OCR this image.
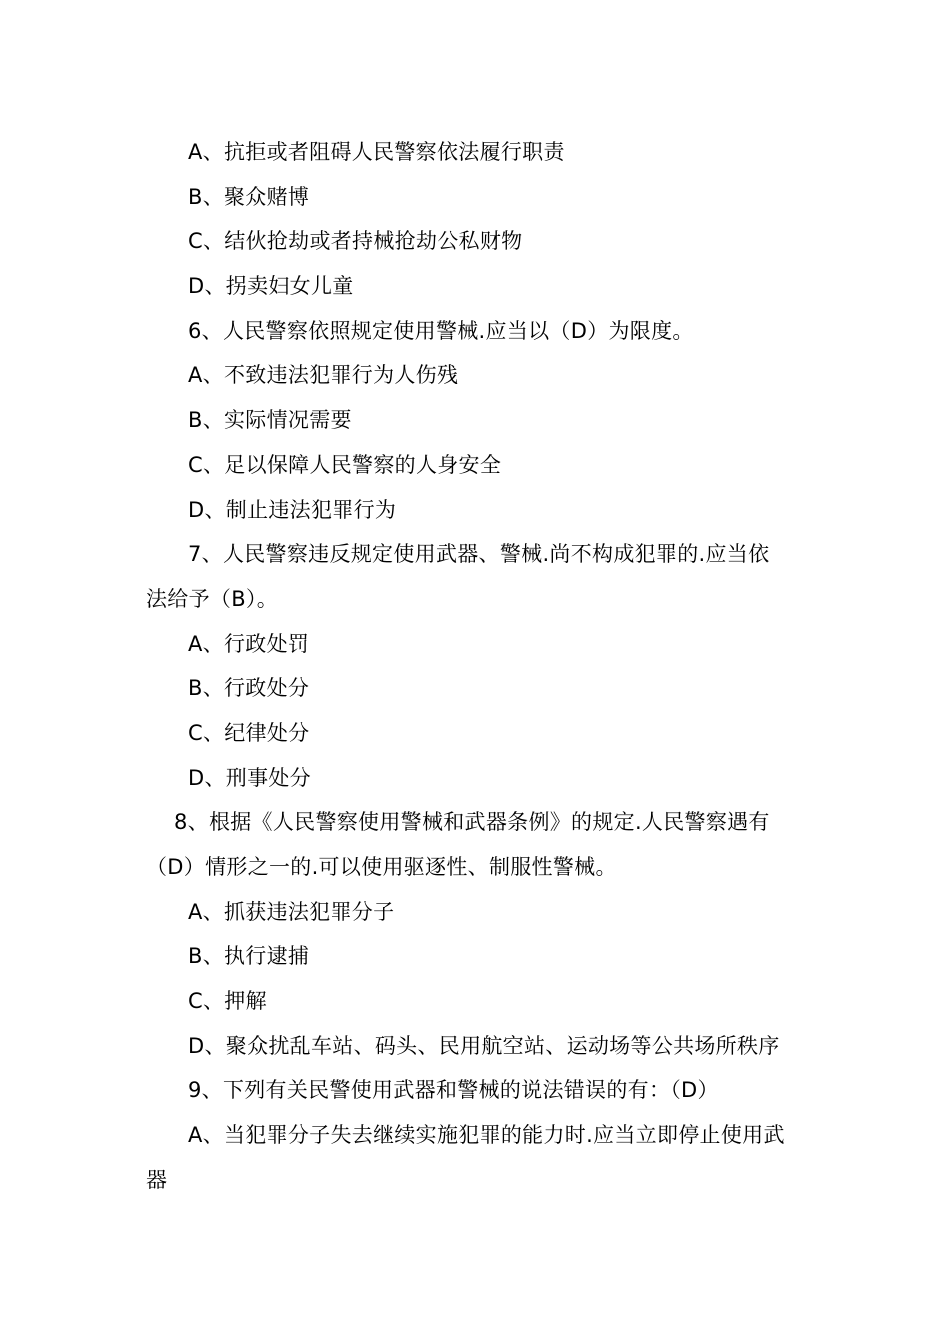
A、抗拒或者阻碍人民警察依法履行职责
B、聚众赌博
C、结伙抢劫或者持械抢劫公私财物
D、拐卖妇女儿童
6、人民警察依照规定使用警械.应当以（D）为限度。
A、不致违法犯罪行为人伤残
B、实际情况需要
C、足以保障人民警察的人身安全
D、制止违法犯罪行为
7、人民警察违反规定使用武器、警械.尚不构成犯罪的.应当依
法给予（B）。
A、行政处罚
B、行政处分
C、纪律处分
D、刑事处分
8、根据《人民警察使用警械和武器条例》的规定.人民警察遇有
（D）情形之一的.可以使用驱逐性、制服性警械。
A、抓获违法犯罪分子
B、执行逮捕
C、押解
D、聚众扰乱车站、码头、民用航空站、运动场等公共场所秩序
9、下列有关民警使用武器和警械的说法错误的有：（D）
A、当犯罪分子失去继续实施犯罪的能力时.应当立即停止使用武
器
